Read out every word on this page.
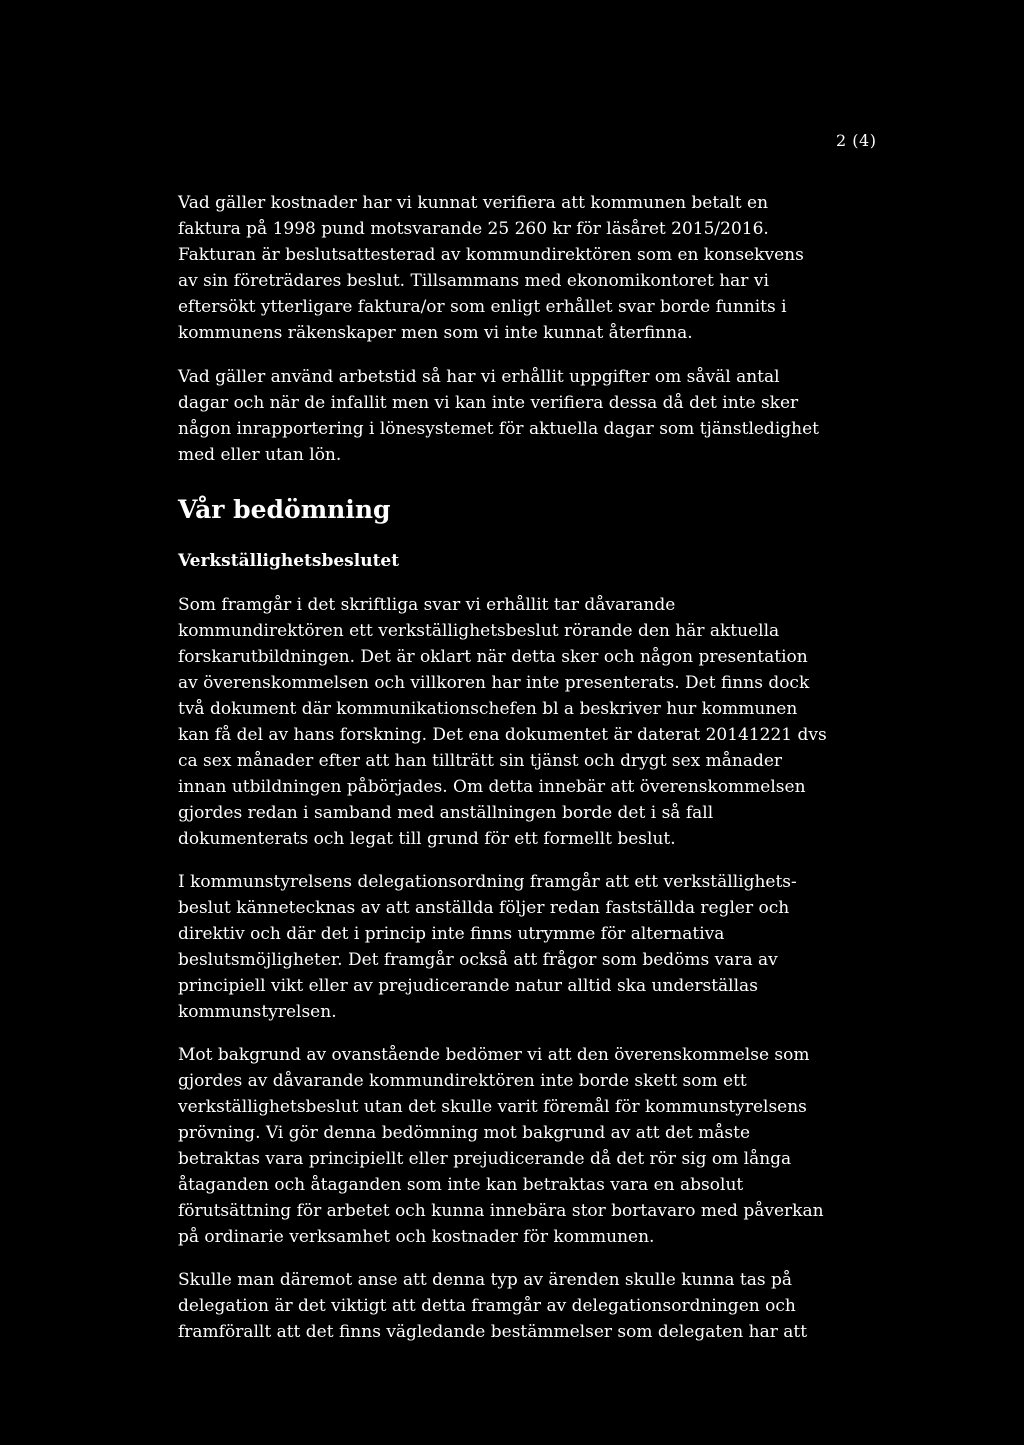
2 (4)

Vad gäller kostnader har vi kunnat verifiera att kommunen betalt en faktura på 1998 pund motsvarande 25 260 kr för läsåret 2015/2016. Fakturan är beslutsattesterad av kommundirektören som en konsekvens av sin företrädares beslut. Tillsammans med ekonomikontoret har vi eftersökt ytterligare faktura/or som enligt erhållet svar borde funnits i kommunens räkenskaper men som vi inte kunnat återfinna.

Vad gäller använd arbetstid så har vi erhållit uppgifter om såväl antal dagar och när de infallit men vi kan inte verifiera dessa då det inte sker någon inrapportering i lönesystemet för aktuella dagar som tjänstledighet med eller utan lön.

Vår bedömning
Verkställighetsbeslutet

Som framgår i det skriftliga svar vi erhållit tar dåvarande kommundirektören ett verkställighetsbeslut rörande den här aktuella forskarutbildningen. Det är oklart när detta sker och någon presentation av överenskommelsen och villkoren har inte presenterats. Det finns dock två dokument där kommunikationschefen bl a beskriver hur kommunen kan få del av hans forskning. Det ena dokumentet är daterat 20141221 dvs ca sex månader efter att han tillträtt sin tjänst och drygt sex månader innan utbildningen påbörjades. Om detta innebär att överenskommelsen gjordes redan i samband med anställningen borde det i så fall dokumenterats och legat till grund för ett formellt beslut.

I kommunstyrelsens delegationsordning framgår att ett verkställighetsbeslut kännetecknas av att anställda följer redan fastställda regler och direktiv och där det i princip inte finns utrymme för alternativa beslutsmöjligheter. Det framgår också att frågor som bedöms vara av principiell vikt eller av prejudicerande natur alltid ska underställas kommunstyrelsen.

Mot bakgrund av ovanstående bedömer vi att den överenskommelse som gjordes av dåvarande kommundirektören inte borde skett som ett verkställighetsbeslut utan det skulle varit föremål för kommunstyrelsens prövning. Vi gör denna bedömning mot bakgrund av att det måste betraktas vara principiellt eller prejudicerande då det rör sig om långa åtaganden och åtaganden som inte kan betraktas vara en absolut förutsättning för arbetet och kunna innebära stor bortavaro med påverkan på ordinarie verksamhet och kostnader för kommunen.

Skulle man däremot anse att denna typ av ärenden skulle kunna tas på delegation är det viktigt att detta framgår av delegationsordningen och framförallt att det finns vägledande bestämmelser som delegaten har att
